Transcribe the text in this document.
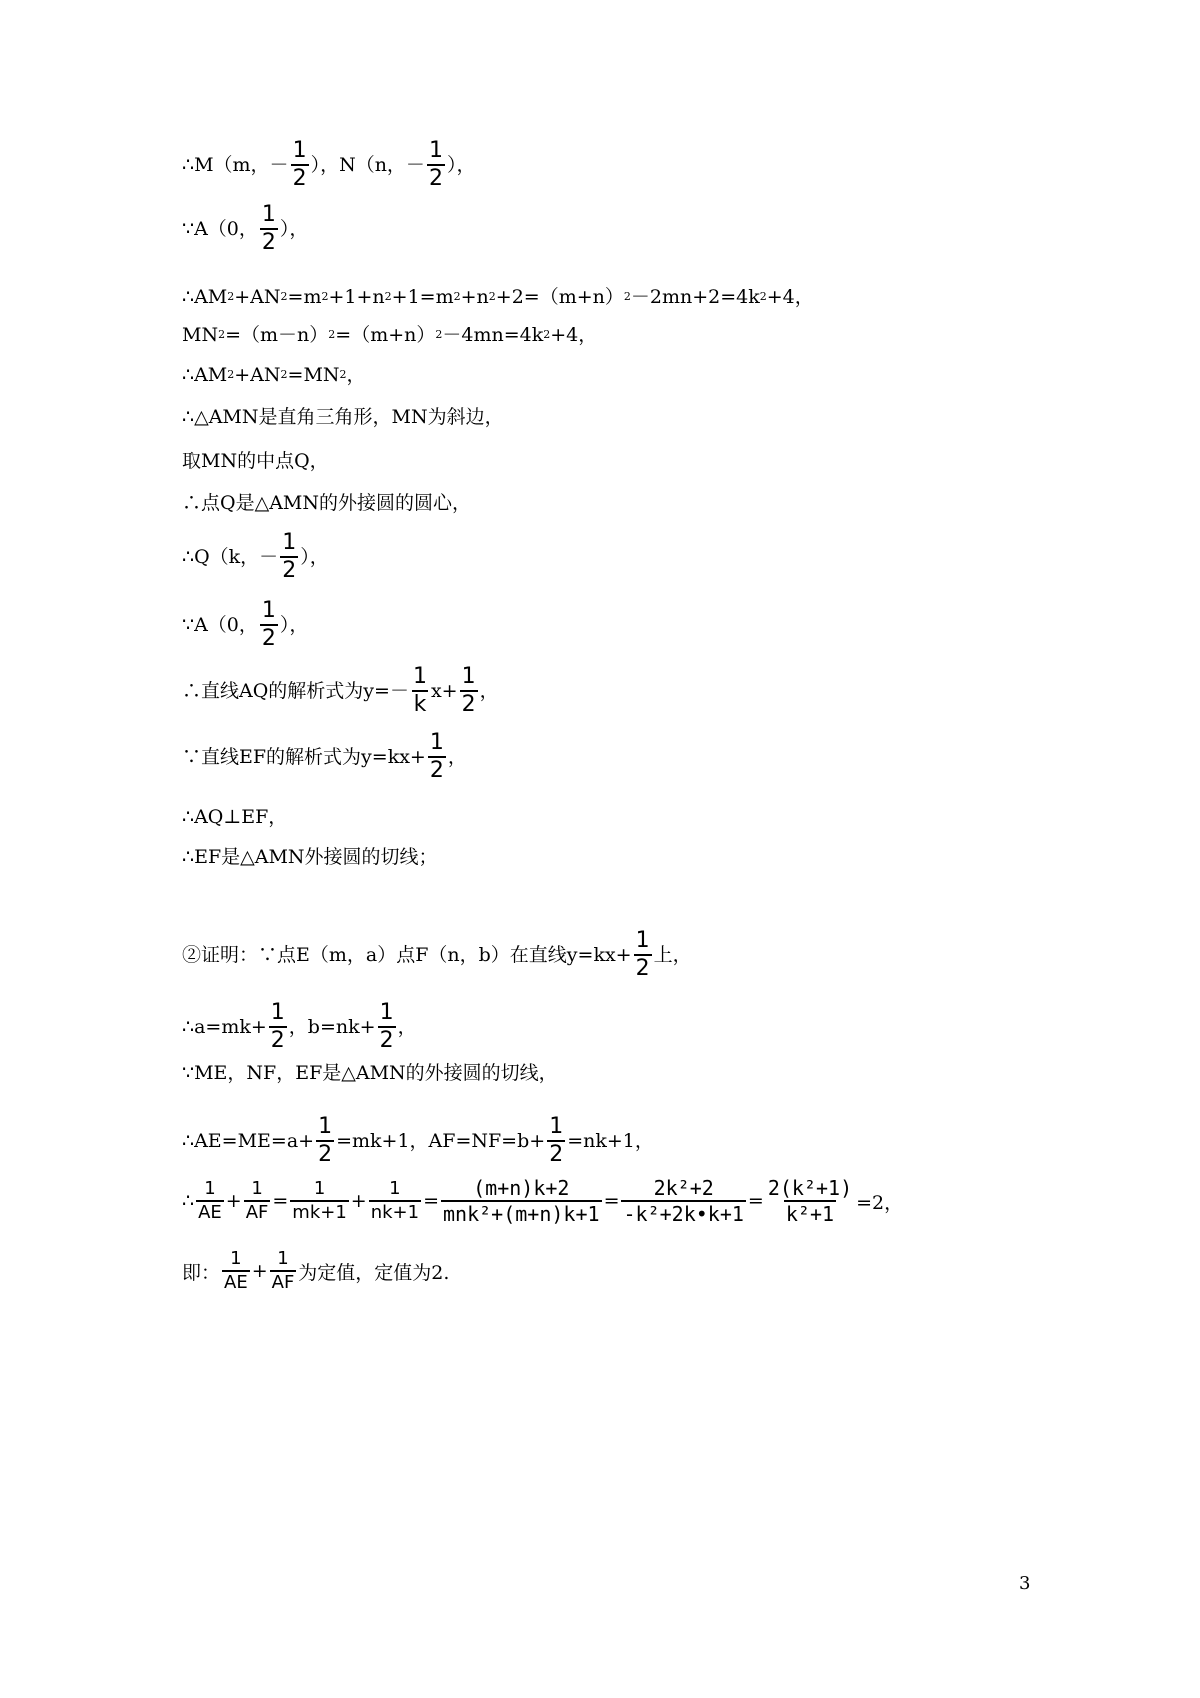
∴M（m，－ $\frac{1}{2}$ ），N（n，－ $\frac{1}{2}$ ），
∵A（0， $\frac{1}{2}$ ），
∴AM 2 +AN 2 =m 2 +1+n 2 +1=m 2 +n 2 +2=（m+n） 2 －2mn+2=4k 2 +4，
MN 2 =（m－n） 2 =（m+n） 2 －4mn=4k 2 +4，
∴AM 2 +AN 2 =MN 2 ，
∴△AMN是直角三角形，MN为斜边，
取MN的中点Q，
∴点Q是△AMN的外接圆的圆心，
∴Q（k，－ $\frac{1}{2}$ ），
∵A（0， $\frac{1}{2}$ ），
∴直线AQ的解析式为$y=- \frac{1}{k} x+ \frac{1}{2}$ ，
∵直线EF的解析式为$y=kx+ \frac{1}{2}$ ，
∴AQ⊥EF，
∴EF是△AMN外接圆的切线；
②证明：∵点E（m，a）点F（n，b）在直线$y=kx+ \frac{1}{2}$ 上，
∴a=mk+ $\frac{1}{2}$ ，$b=nk+ \frac{1}{2}$ ，
∵ME，NF，EF是△AMN的外接圆的切线，
∴AE=ME=a+ $\frac{1}{2} =mk+1$，$AF=NF=b+ \frac{1}{2} =nk+1$，
∴ $\frac{1}{AE} + \frac{1}{AF} = \frac{1}{mk+1} + \frac{1}{nk+1} = \frac{(m+n)k+2}{\text{mnk²+(m+n)k+1}} = \frac{\text{2k²+2}}{\text{-k²+2k•k+1}} = \frac{\text{2(k²+1)}}{\text{k²+1}} =2$，
即： $\frac{1}{AE} + \frac{1}{AF}$ 为定值，定值为2.
3
